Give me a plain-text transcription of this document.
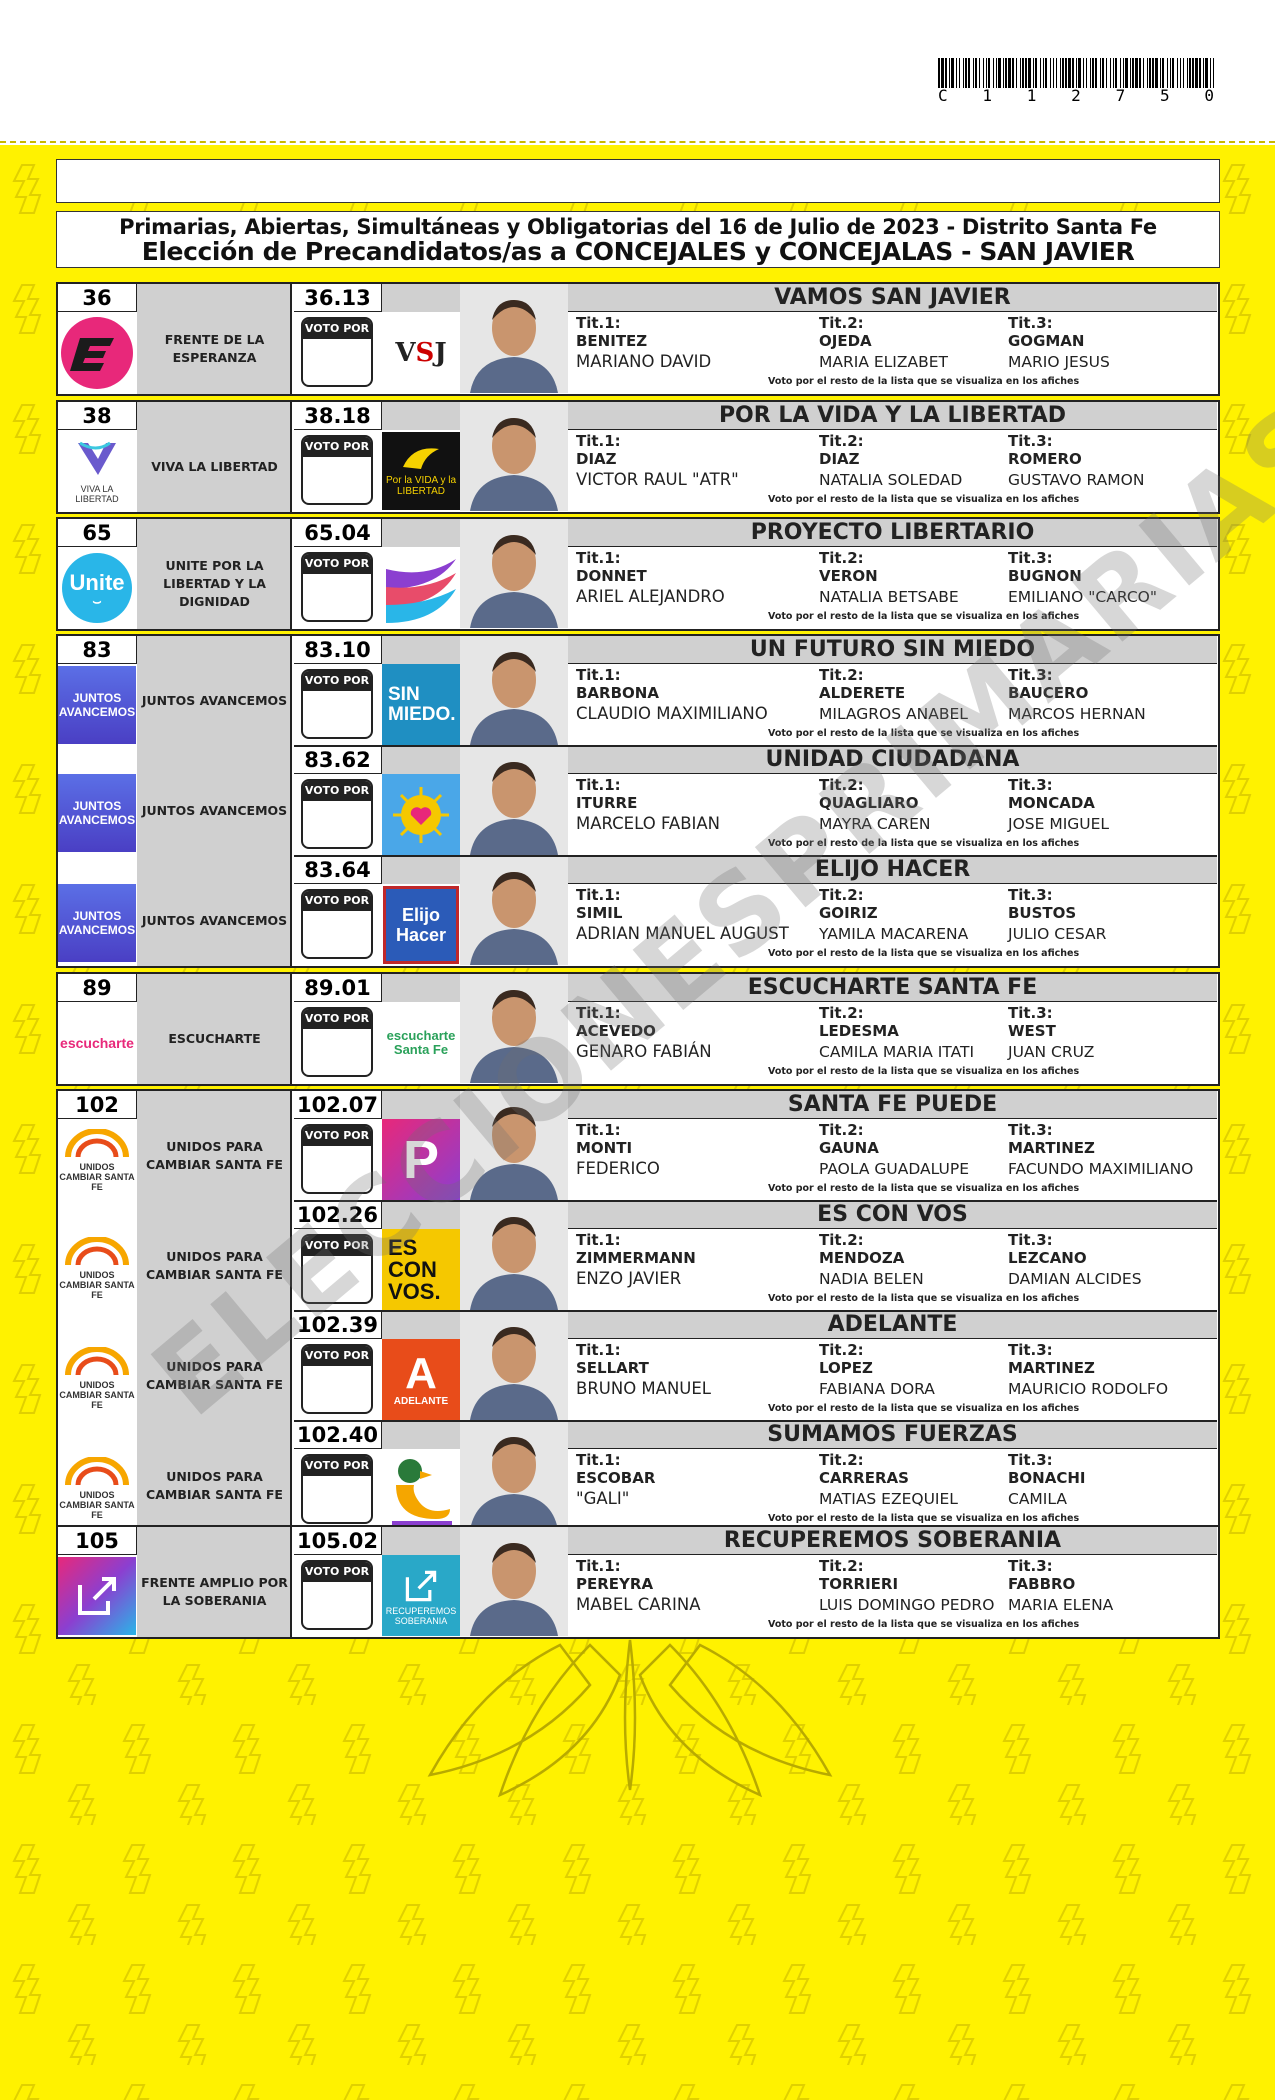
C 1 1 2 7 5 0
Primarias, Abiertas, Simultáneas y Obligatorias del 16 de Julio de 2023 - Distrito Santa Fe
Elección de Precandidatos/as a CONCEJALES y CONCEJALAS - SAN JAVIER
36
FRENTE DE LA ESPERANZA
36.13
VOTO POR
VSJ
VAMOS SAN JAVIER
Tit.1:
BENITEZ
MARIANO DAVID
Tit.2:
OJEDA
MARIA ELIZABET
Tit.3:
GOGMAN
MARIO JESUS
Voto por el resto de la lista que se visualiza en los afiches
38
VIVA LA LIBERTAD
VIVA LA LIBERTAD
38.18
VOTO POR
Por la VIDA y la LIBERTAD
POR LA VIDA Y LA LIBERTAD
Tit.1:
DIAZ
VICTOR RAUL "ATR"
Tit.2:
DIAZ
NATALIA SOLEDAD
Tit.3:
ROMERO
GUSTAVO RAMON
Voto por el resto de la lista que se visualiza en los afiches
65
Unite
⌣
UNITE POR LA LIBERTAD Y LA DIGNIDAD
65.04
VOTO POR
PROYECTO LIBERTARIO
Tit.1:
DONNET
ARIEL ALEJANDRO
Tit.2:
VERON
NATALIA BETSABE
Tit.3:
BUGNON
EMILIANO "CARCO"
Voto por el resto de la lista que se visualiza en los afiches
83
JUNTOS AVANCEMOS
JUNTOS AVANCEMOS
83.10
VOTO POR
SIN MIEDO.
UN FUTURO SIN MIEDO
Tit.1:
BARBONA
CLAUDIO MAXIMILIANO
Tit.2:
ALDERETE
MILAGROS ANABEL
Tit.3:
BAUCERO
MARCOS HERNAN
Voto por el resto de la lista que se visualiza en los afiches
JUNTOS AVANCEMOS
JUNTOS AVANCEMOS
83.62
VOTO POR
UNIDAD CIUDADANA
Tit.1:
ITURRE
MARCELO FABIAN
Tit.2:
QUAGLIARO
MAYRA CAREN
Tit.3:
MONCADA
JOSE MIGUEL
Voto por el resto de la lista que se visualiza en los afiches
JUNTOS AVANCEMOS
JUNTOS AVANCEMOS
83.64
VOTO POR
Elijo Hacer
ELIJO HACER
Tit.1:
SIMIL
ADRIAN MANUEL AUGUST
Tit.2:
GOIRIZ
YAMILA MACARENA
Tit.3:
BUSTOS
JULIO CESAR
Voto por el resto de la lista que se visualiza en los afiches
89
escucharte	ESCUCHARTE
89.01
VOTO POR
escucharte Santa Fe
ESCUCHARTE SANTA FE
Tit.1:
ACEVEDO
GENARO FABIÁN
Tit.2:
LEDESMA
CAMILA MARIA ITATI
Tit.3:
WEST
JUAN CRUZ
Voto por el resto de la lista que se visualiza en los afiches
102
UNIDOS CAMBIAR SANTA FE
UNIDOS PARA CAMBIAR SANTA FE
102.07
VOTO POR P
SANTA FE PUEDE
Tit.1:
MONTI
FEDERICO
Tit.2:
GAUNA
PAOLA GUADALUPE
Tit.3:
MARTINEZ
FACUNDO MAXIMILIANO
Voto por el resto de la lista que se visualiza en los afiches
UNIDOS CAMBIAR SANTA FE
UNIDOS PARA CAMBIAR SANTA FE
102.26
VOTO POR ES CON VOS.
ES CON VOS
Tit.1:
ZIMMERMANN
ENZO JAVIER
Tit.2:
MENDOZA
NADIA BELEN
Tit.3:
LEZCANO
DAMIAN ALCIDES
Voto por el resto de la lista que se visualiza en los afiches
UNIDOS CAMBIAR SANTA FE
UNIDOS PARA CAMBIAR SANTA FE
102.39
VOTO POR A
ADELANTE
ADELANTE
Tit.1:
SELLART
BRUNO MANUEL
Tit.2:
LOPEZ
FABIANA DORA
Tit.3:
MARTINEZ
MAURICIO RODOLFO
Voto por el resto de la lista que se visualiza en los afiches
UNIDOS CAMBIAR SANTA FE
UNIDOS PARA CAMBIAR SANTA FE
102.40
VOTO POR
SUMAMOS FUERZAS
Tit.1:
ESCOBAR
"GALI"
Tit.2:
CARRERAS
MATIAS EZEQUIEL
Tit.3:
BONACHI
CAMILA
Voto por el resto de la lista que se visualiza en los afiches
105
FRENTE AMPLIO POR LA SOBERANIA
105.02
VOTO POR
RECUPEREMOS SOBERANIA
RECUPEREMOS SOBERANIA
Tit.1:
PEREYRA
MABEL CARINA
Tit.2:
TORRIERI
LUIS DOMINGO PEDRO
Tit.3:
FABBRO
MARIA ELENA
Voto por el resto de la lista que se visualiza en los afiches
ELECCIONESPRIMARIAS
